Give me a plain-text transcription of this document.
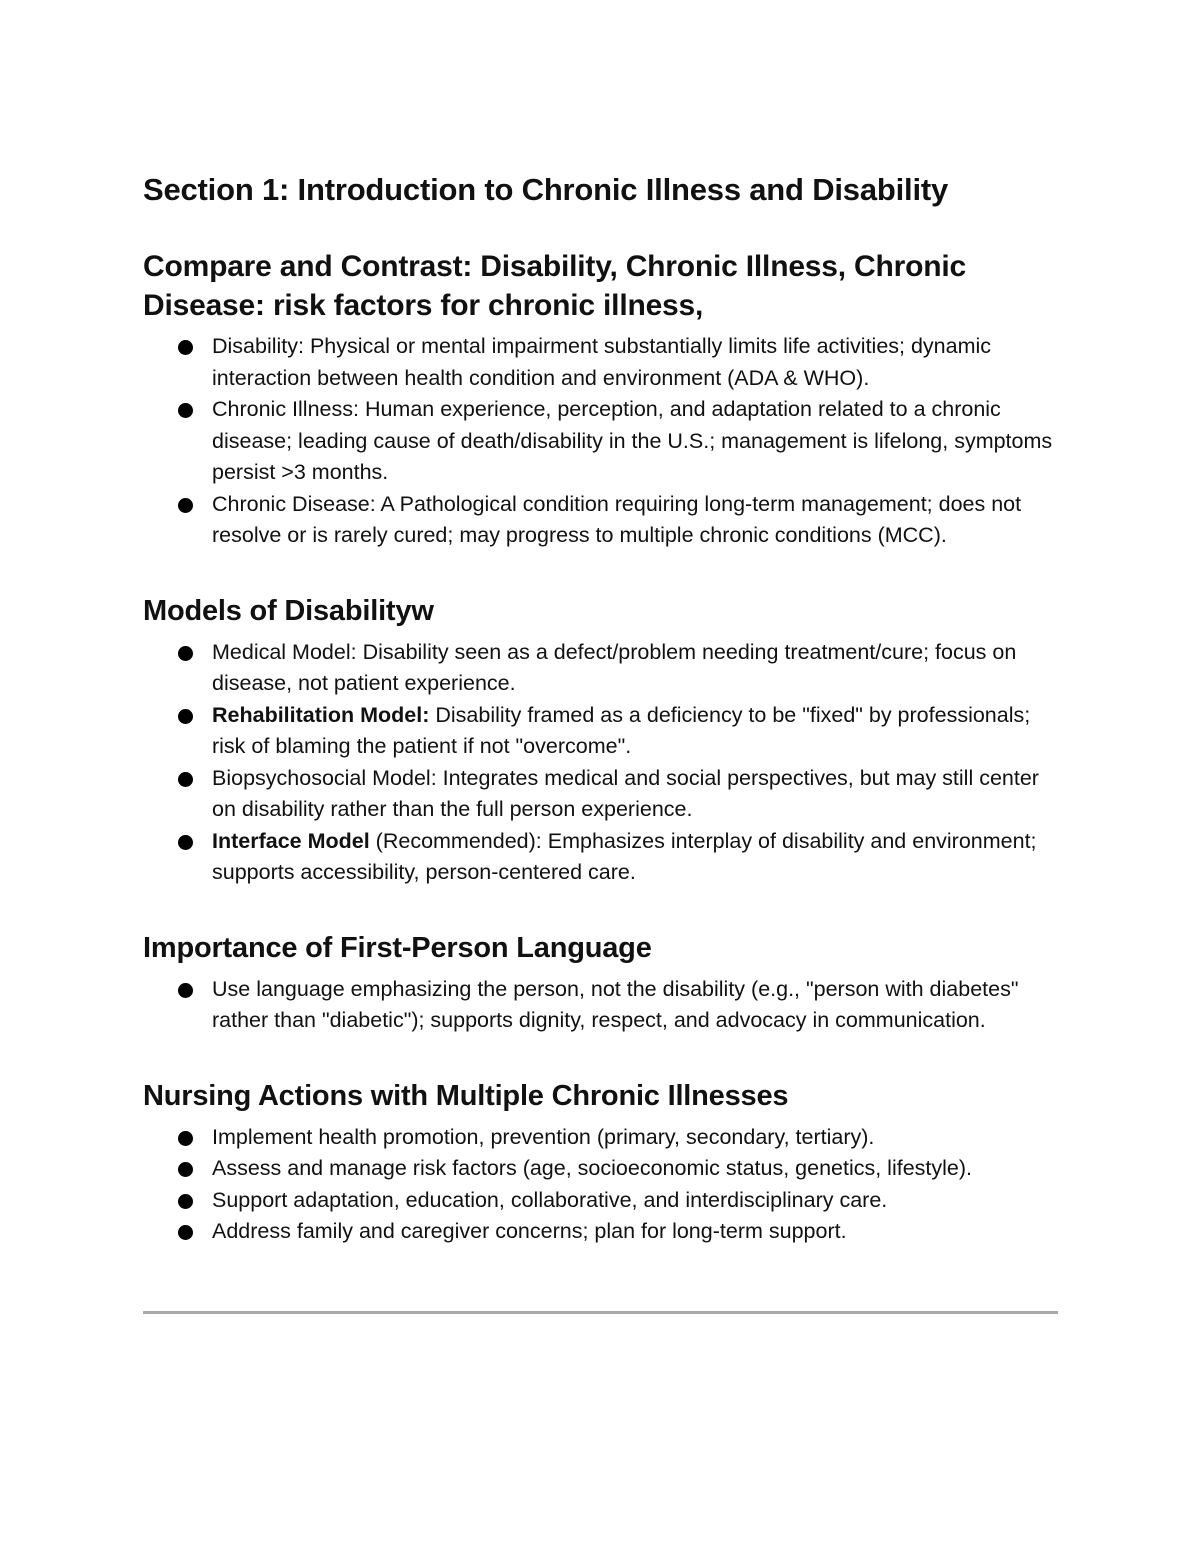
Section 1: Introduction to Chronic Illness and Disability
Compare and Contrast: Disability, Chronic Illness, Chronic Disease: risk factors for chronic illness,
Disability: Physical or mental impairment substantially limits life activities; dynamic interaction between health condition and environment (ADA & WHO).
Chronic Illness: Human experience, perception, and adaptation related to a chronic disease; leading cause of death/disability in the U.S.; management is lifelong, symptoms persist >3 months.
Chronic Disease: A Pathological condition requiring long-term management; does not resolve or is rarely cured; may progress to multiple chronic conditions (MCC).
Models of Disabilityw
Medical Model: Disability seen as a defect/problem needing treatment/cure; focus on disease, not patient experience.
Rehabilitation Model: Disability framed as a deficiency to be "fixed" by professionals; risk of blaming the patient if not "overcome".
Biopsychosocial Model: Integrates medical and social perspectives, but may still center on disability rather than the full person experience.
Interface Model (Recommended): Emphasizes interplay of disability and environment; supports accessibility, person-centered care.
Importance of First-Person Language
Use language emphasizing the person, not the disability (e.g., "person with diabetes" rather than "diabetic"); supports dignity, respect, and advocacy in communication.
Nursing Actions with Multiple Chronic Illnesses
Implement health promotion, prevention (primary, secondary, tertiary).
Assess and manage risk factors (age, socioeconomic status, genetics, lifestyle).
Support adaptation, education, collaborative, and interdisciplinary care.
Address family and caregiver concerns; plan for long-term support.
